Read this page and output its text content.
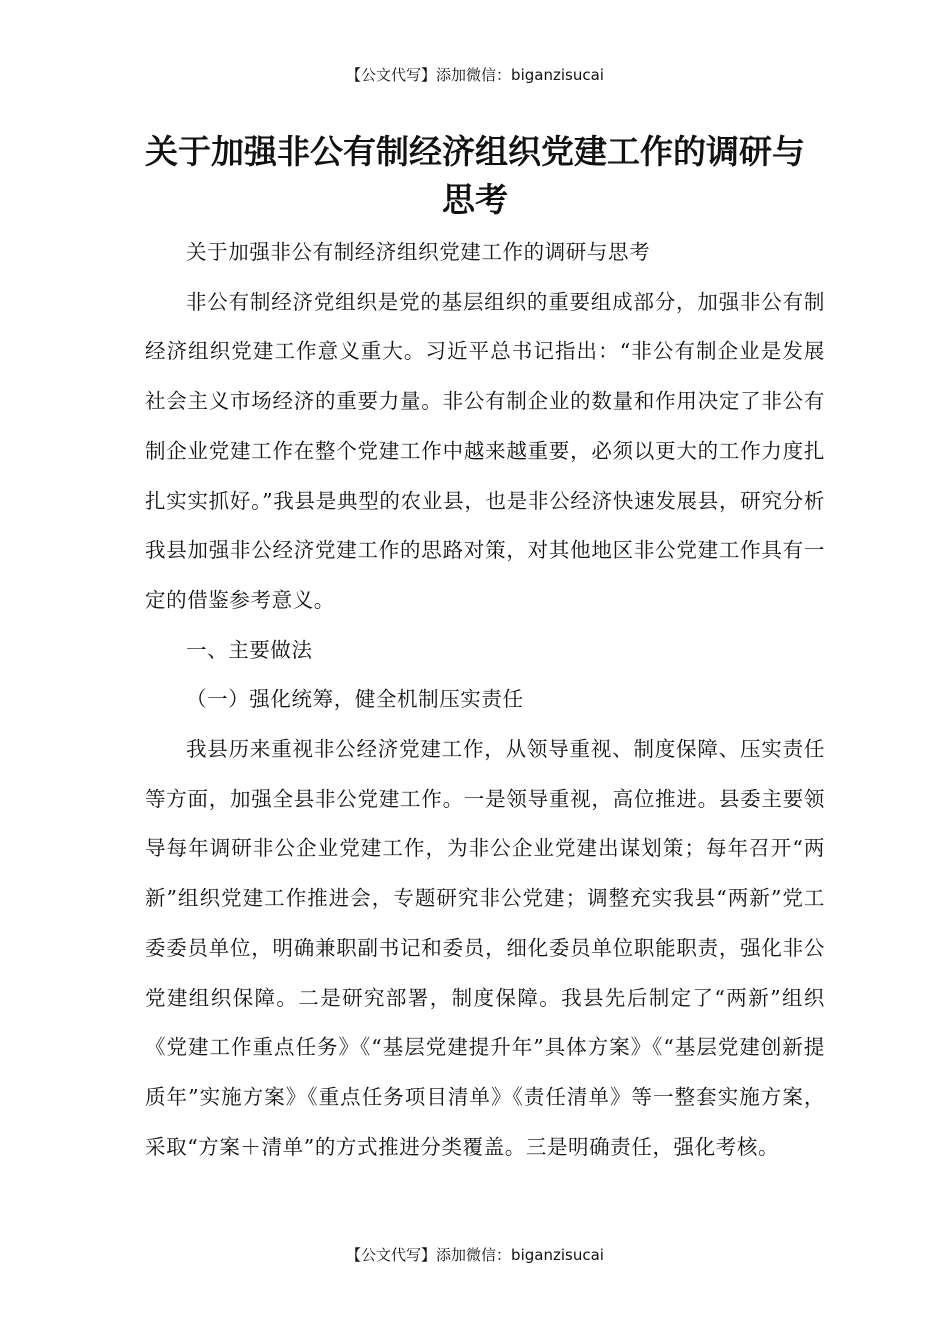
【公文代写】添加微信：biganzisucai
关于加强非公有制经济组织党建工作的调研与思考

关于加强非公有制经济组织党建工作的调研与思考

非公有制经济党组织是党的基层组织的重要组成部分，加强非公有制经济组织党建工作意义重大。习近平总书记指出：“非公有制企业是发展社会主义市场经济的重要力量。非公有制企业的数量和作用决定了非公有制企业党建工作在整个党建工作中越来越重要，必须以更大的工作力度扎扎实实抓好。”我县是典型的农业县，也是非公经济快速发展县，研究分析我县加强非公经济党建工作的思路对策，对其他地区非公党建工作具有一定的借鉴参考意义。

一、主要做法

（一）强化统筹，健全机制压实责任

我县历来重视非公经济党建工作，从领导重视、制度保障、压实责任等方面，加强全县非公党建工作。一是领导重视，高位推进。县委主要领导每年调研非公企业党建工作，为非公企业党建出谋划策；每年召开“两新”组织党建工作推进会，专题研究非公党建；调整充实我县“两新”党工委委员单位，明确兼职副书记和委员，细化委员单位职能职责，强化非公党建组织保障。二是研究部署，制度保障。我县先后制定了“两新”组织《党建工作重点任务》《“基层党建提升年”具体方案》《“基层党建创新提质年”实施方案》《重点任务项目清单》《责任清单》等一整套实施方案，采取“方案＋清单”的方式推进分类覆盖。三是明确责任，强化考核。

【公文代写】添加微信：biganzisucai
